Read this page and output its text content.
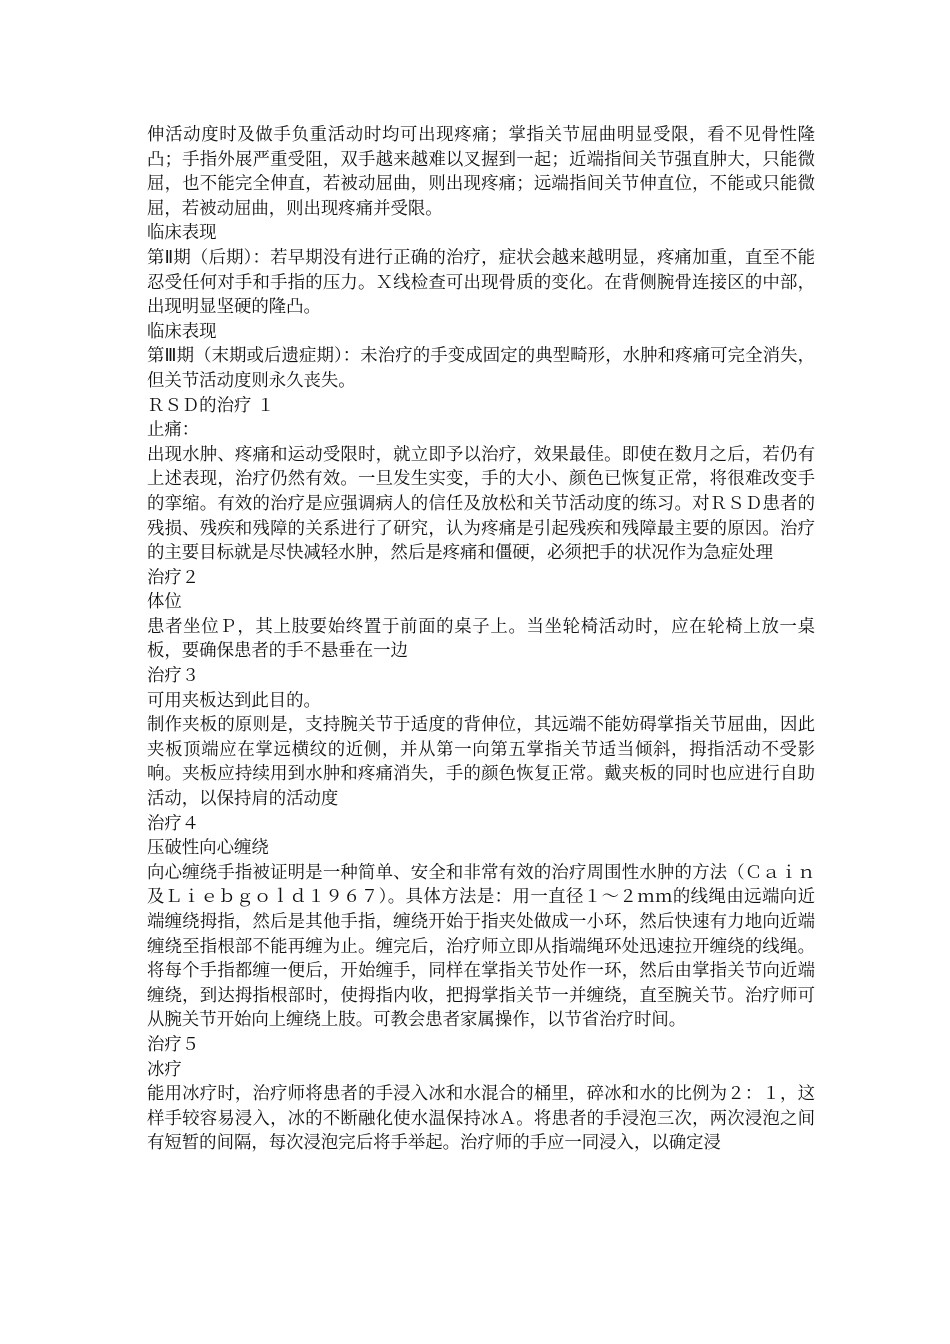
伸活动度时及做手负重活动时均可出现疼痛；掌指关节屈曲明显受限，看不见骨性隆凸；手指外展严重受阻，双手越来越难以叉握到一起；近端指间关节强直肿大，只能微屈，也不能完全伸直，若被动屈曲，则出现疼痛；远端指间关节伸直位，不能或只能微屈，若被动屈曲，则出现疼痛并受限。

临床表现

第Ⅱ期（后期）：若早期没有进行正确的治疗，症状会越来越明显，疼痛加重，直至不能忍受任何对手和手指的压力。Ｘ线检查可出现骨质的变化。在背侧腕骨连接区的中部，出现明显坚硬的隆凸。

临床表现

第Ⅲ期（末期或后遗症期）：未治疗的手变成固定的典型畸形，水肿和疼痛可完全消失，但关节活动度则永久丧失。

ＲＳＤ的治疗 １

止痛：

出现水肿、疼痛和运动受限时，就立即予以治疗，效果最佳。即使在数月之后，若仍有上述表现，治疗仍然有效。一旦发生实变，手的大小、颜色已恢复正常，将很难改变手的挛缩。有效的治疗是应强调病人的信任及放松和关节活动度的练习。对ＲＳＤ患者的残损、残疾和残障的关系进行了研究，认为疼痛是引起残疾和残障最主要的原因。治疗的主要目标就是尽快减轻水肿，然后是疼痛和僵硬，必须把手的状况作为急症处理

治疗２

体位

患者坐位Ｐ，其上肢要始终置于前面的桌子上。当坐轮椅活动时，应在轮椅上放一桌板，要确保患者的手不悬垂在一边

治疗３

可用夹板达到此目的。

制作夹板的原则是，支持腕关节于适度的背伸位，其远端不能妨碍掌指关节屈曲，因此夹板顶端应在掌远横纹的近侧，并从第一向第五掌指关节适当倾斜，拇指活动不受影响。夹板应持续用到水肿和疼痛消失，手的颜色恢复正常。戴夹板的同时也应进行自助活动，以保持肩的活动度

治疗４

压破性向心缠绕

向心缠绕手指被证明是一种简单、安全和非常有效的治疗周围性水肿的方法（Ｃａｉｎ及Ｌｉｅｂｇｏｌｄ１９６７）。具体方法是：用一直径１～２ｍｍ的线绳由远端向近端缠绕拇指，然后是其他手指，缠绕开始于指夹处做成一小环，然后快速有力地向近端缠绕至指根部不能再缠为止。缠完后，治疗师立即从指端绳环处迅速拉开缠绕的线绳。将每个手指都缠一便后，开始缠手，同样在掌指关节处作一环，然后由掌指关节向近端缠绕，到达拇指根部时，使拇指内收，把拇掌指关节一并缠绕，直至腕关节。治疗师可从腕关节开始向上缠绕上肢。可教会患者家属操作，以节省治疗时间。

治疗５

冰疗

能用冰疗时，治疗师将患者的手浸入冰和水混合的桶里，碎冰和水的比例为２：１，这样手较容易浸入，冰的不断融化使水温保持冰Ａ。将患者的手浸泡三次，两次浸泡之间有短暂的间隔，每次浸泡完后将手举起。治疗师的手应一同浸入，以确定浸
